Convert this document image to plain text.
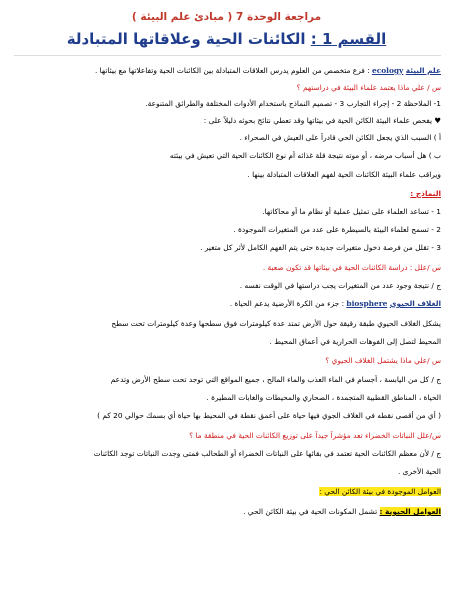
مراجعة الوحدة 7 ( مبادئ علم البيئة )
القسم 1 : الكائنات الحية وعلاقاتها المتبادلة
علم البيئة ecology : فرع متخصص من العلوم يدرس العلاقات المتبادلة بين الكائنات الحية وتفاعلاتها مع بيئاتها .
س / علي ماذا يعتمد علماء البيئة في دراستهم ؟
1- الملاحظة 2 - إجراء التجارب 3 - تصميم النماذج باستخدام الأدوات المختلفة والطرائق المتنوعة.
♥ يفحص علماء البيئة الكائن الحية في بيئاتها وقد تعطي نتائج بحوثه دليلاً على :
أ ) السبب الذي يجعل الكائن الحي قادراً على العيش في الصحراء .
ب ) هل أسباب مرضه ، أو موته نتيجة قلة غذائه أم نوع الكائنات الحية التي تعيش في بيئته
ويراقب علماء البيئة الكائنات الحية لفهم العلاقات المتبادلة بينها .
النماذج :
1 - تساعد العلماء على تمثيل عملية أو نظام ما أو محاكاتها.
2 - تسمح لعلماء البيئة بالسيطرة على عدد من المتغيرات الموجودة .
3 - تقلل من فرصة دخول متغيرات جديدة حتى يتم الفهم الكامل لأثر كل متغير .
س /علل : دراسة الكائنات الحية في بيئاتها قد تكون صعبة .
ج / نتيجة وجود عدد من المتغيرات يجب دراستها في الوقت نفسه .
الغلاف الحيوي biosphere : جزء من الكرة الأرضية يدعم الحياة .
يشكل الغلاف الحيوي طبقة رقيقة حول الأرض تمتد عدة كيلومترات فوق سطحها وعدة كيلومترات تحت سطح
المحيط لتصل إلى الفوهات الحرارية في أعماق المحيط .
س /علي ماذا يشتمل الغلاف الحيوي ؟
ج / كل من اليابسة ، أجسام في الماء العذب والماء المالح ، جميع المواقع التي توجد تحت سطح الأرض وتدعم
الحياة ، المناطق القطبية المتجمدة ، الصحاري والمحيطات والغابات المطيرة .
( أي من أقصى نقطه في الغلاف الجوي فيها حياة على أعمق نقطة في المحيط بها حياة أي بسمك حوالي 20 كم )
س/علل النباتات الخضراء تعد مؤشراً جيداً على توزيع الكائنات الحية في منطقة ما ؟
ج / لأن معظم الكائنات الحية تعتمد في بقائها على النباتات الخضراء أو الطحالب فمتى وجدت النباتات توجد الكائنات
الحية الأخرى .
العوامل الموجودة في بيئة الكائن الحي :
العوامل الحيوية : تشمل المكونات الحية في بيئة الكائن الحي .
